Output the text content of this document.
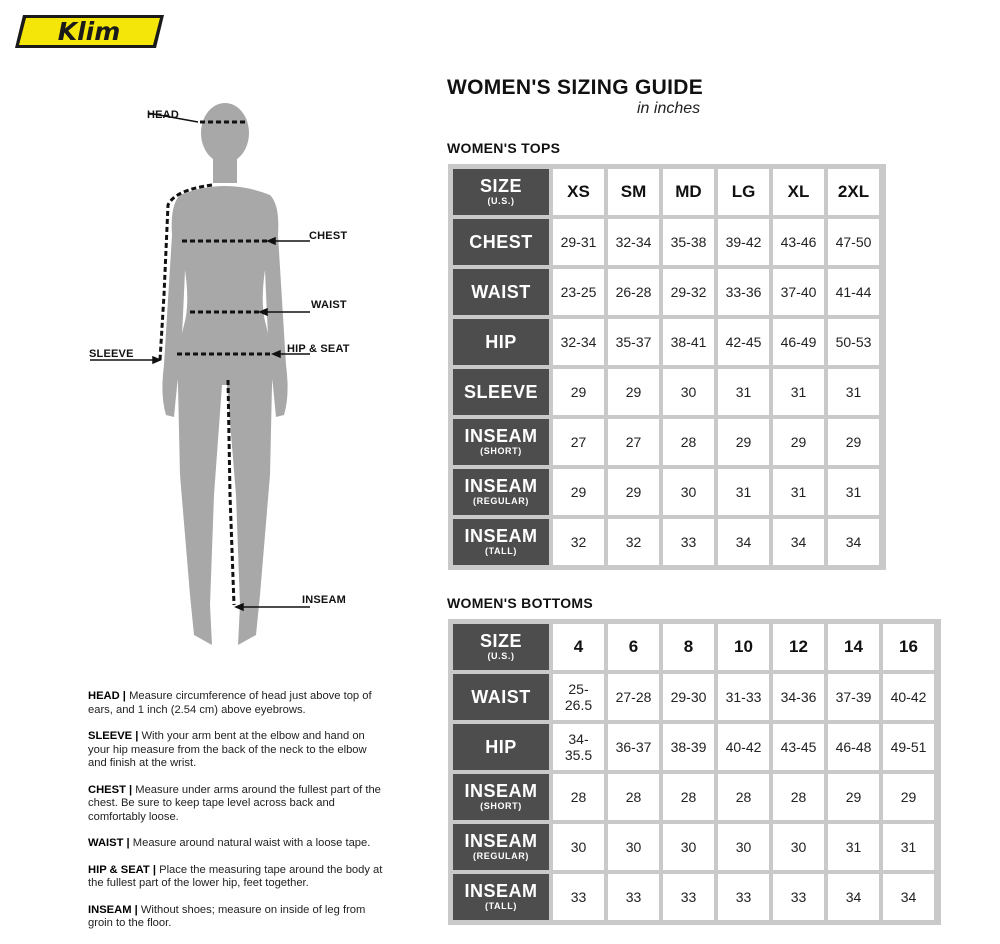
Klim
HEAD
CHEST
WAIST
HIP & SEAT
SLEEVE
INSEAM

HEAD | Measure circumference of head just above top of ears, and 1 inch (2.54 cm) above eyebrows.

SLEEVE | With your arm bent at the elbow and hand on your hip measure from the back of the neck to the elbow and finish at the wrist.

CHEST | Measure under arms around the fullest part of the chest. Be sure to keep tape level across back and comfortably loose.

WAIST | Measure around natural waist with a loose tape.

HIP & SEAT | Place the measuring tape around the body at the fullest part of the lower hip, feet together.

INSEAM | Without shoes; measure on inside of leg from groin to the floor.

WOMEN'S SIZING GUIDE
in inches
WOMEN'S TOPS
SIZE
(U.S.)	XS	SM	MD	LG	XL	2XL
CHEST	29-31	32-34	35-38	39-42	43-46	47-50
WAIST	23-25	26-28	29-32	33-36	37-40	41-44
HIP	32-34	35-37	38-41	42-45	46-49	50-53
SLEEVE	29	29	30	31	31	31
INSEAM
(SHORT)
27	27	28	29	29	29
INSEAM
(REGULAR)
29	29	30	31	31	31
INSEAM
(TALL)
32	32	33	34	34	34
WOMEN'S BOTTOMS
SIZE
(U.S.)	4	6	8	10	12	14	16
WAIST	25-
26.5	27-28	29-30	31-33	34-36	37-39	40-42
HIP	34-
35.5	36-37	38-39	40-42	43-45	46-48	49-51
INSEAM
(SHORT)
28	28	28	28	28	29	29
INSEAM
(REGULAR)
30	30	30	30	30	31	31
INSEAM
(TALL)
33	33	33	33	33	34	34
